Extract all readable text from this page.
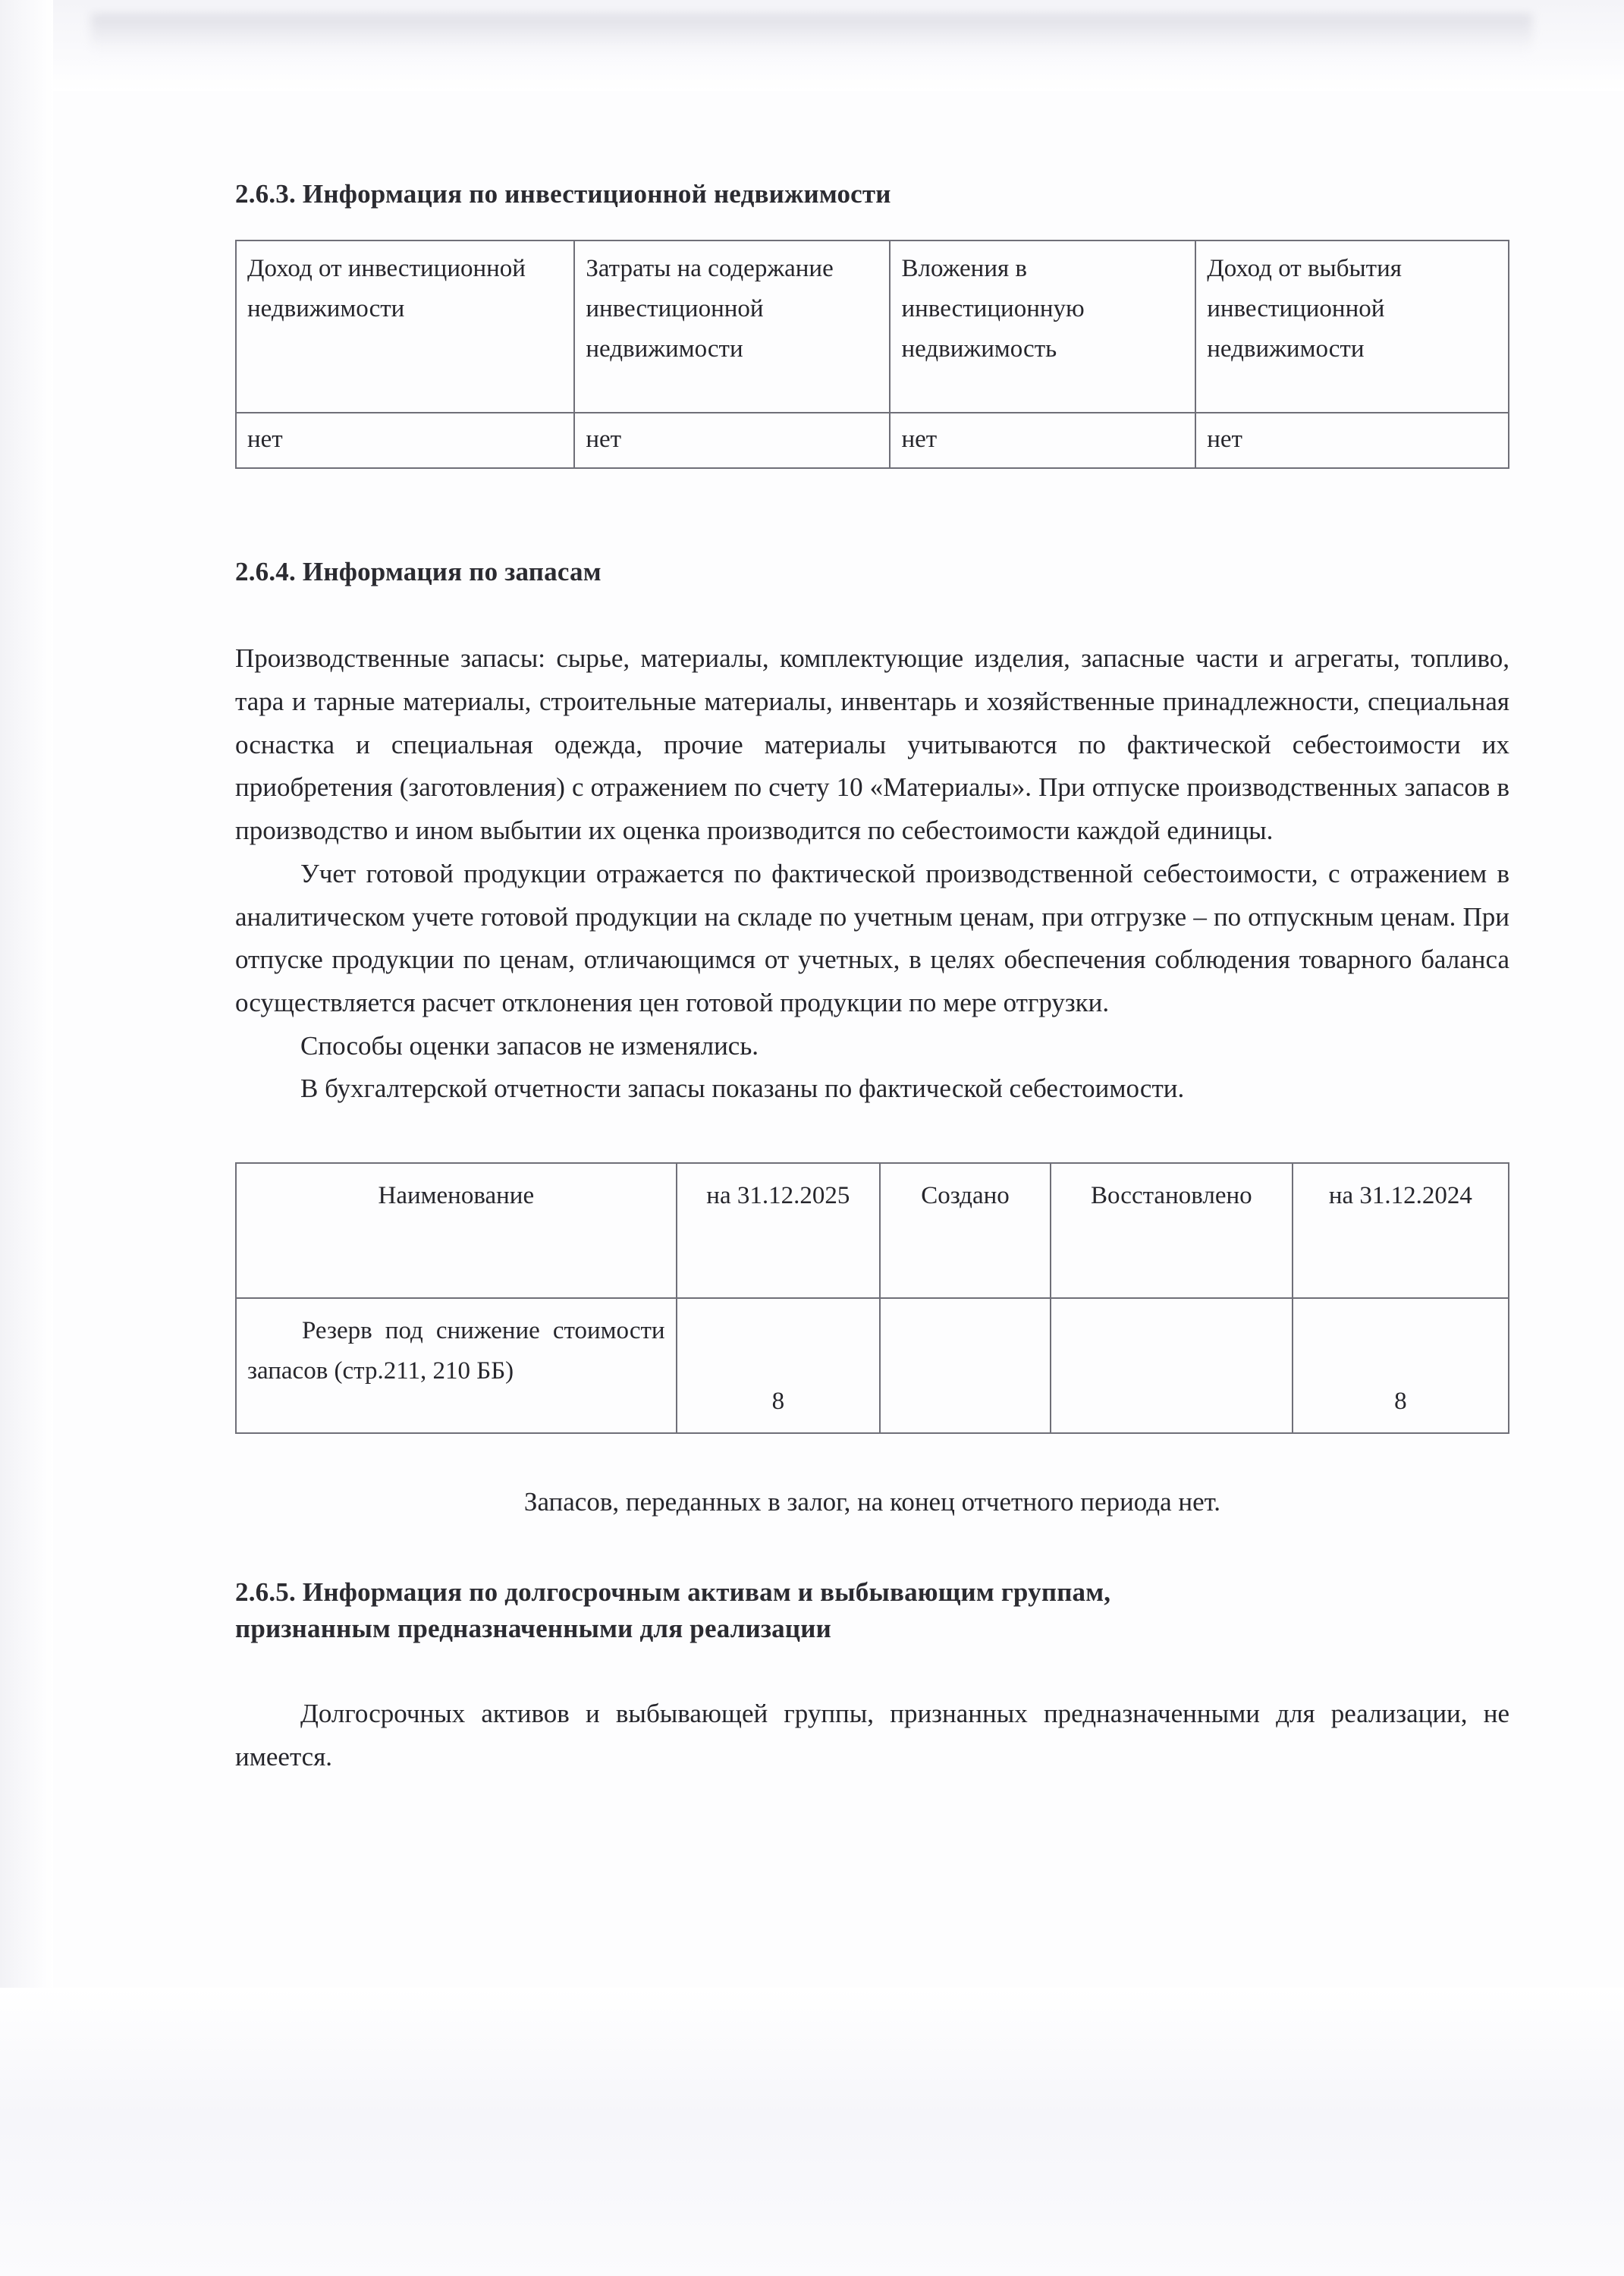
2.6.3. Информация по инвестиционной недвижимости
Доход от инвестиционной недвижимости	Затраты на содержание инвестиционной недвижимости	Вложения в инвестиционную недвижимость	Доход от выбытия инвестиционной недвижимости
нет	нет	нет	нет
2.6.4. Информация по запасам

Производственные запасы: сырье, материалы, комплектующие изделия, запасные части и агрегаты, топливо, тара и тарные материалы, строительные материалы, инвентарь и хозяйственные принадлежности, специальная оснастка и специальная одежда, прочие материалы учитываются по фактической себестоимости их приобретения (заготовления) с отражением по счету 10 «Материалы». При отпуске производственных запасов в производство и ином выбытии их оценка производится по себестоимости каждой единицы.

Учет готовой продукции отражается по фактической производственной себестоимости, с отражением в аналитическом учете готовой продукции на складе по учетным ценам, при отгрузке – по отпускным ценам. При отпуске продукции по ценам, отличающимся от учетных, в целях обеспечения соблюдения товарного баланса осуществляется расчет отклонения цен готовой продукции по мере отгрузки.

Способы оценки запасов не изменялись.

В бухгалтерской отчетности запасы показаны по фактической себестоимости.

Наименование	на 31.12.2025	Создано	Восстановлено	на 31.12.2024
Резерв под снижение стоимости запасов (стр.211, 210 ББ)	8			8

Запасов, переданных в залог, на конец отчетного периода нет.

2.6.5. Информация по долгосрочным активам и выбывающим группам,
признанным предназначенными для реализации

Долгосрочных активов и выбывающей группы, признанных предназначенными для реализации, не имеется.
